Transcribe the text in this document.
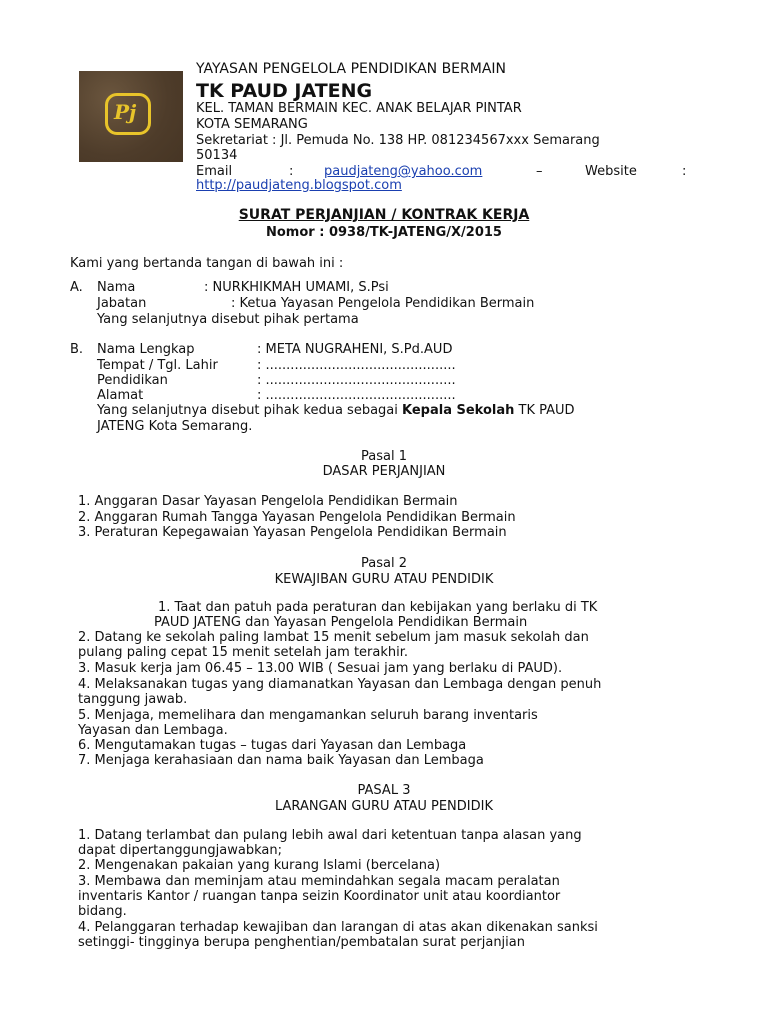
Pj
YAYASAN PENGELOLA PENDIDIKAN BERMAIN
TK PAUD JATENG
KEL. TAMAN BERMAIN KEC. ANAK BELAJAR PINTAR
KOTA SEMARANG
Sekretariat : Jl. Pemuda No. 138 HP. 081234567xxx Semarang
50134
Email	: paudjateng@yahoo.com	–	Website	:
http://paudjateng.blogspot.com
SURAT PERJANJIAN / KONTRAK KERJA
Nomor : 0938/TK-JATENG/X/2015
Kami yang bertanda tangan di bawah ini :
A. Nama	: NURKHIKMAH UMAMI, S.Psi
Jabatan	: Ketua Yayasan Pengelola Pendidikan Bermain
Yang selanjutnya disebut pihak pertama
B. Nama Lengkap	: META NUGRAHENI, S.Pd.AUD
Tempat / Tgl. Lahir	: ..............................................
Pendidikan	: ..............................................
Alamat	: ..............................................
Yang selanjutnya disebut pihak kedua sebagai Kepala Sekolah TK PAUD
JATENG Kota Semarang.
Pasal 1
DASAR PERJANJIAN
1. Anggaran Dasar Yayasan Pengelola Pendidikan Bermain
2. Anggaran Rumah Tangga Yayasan Pengelola Pendidikan Bermain
3. Peraturan Kepegawaian Yayasan Pengelola Pendidikan Bermain
Pasal 2
KEWAJIBAN GURU ATAU PENDIDIK
1. Taat dan patuh pada peraturan dan kebijakan yang berlaku di TK
PAUD JATENG dan Yayasan Pengelola Pendidikan Bermain
2. Datang ke sekolah paling lambat 15 menit sebelum jam masuk sekolah dan
pulang paling cepat 15 menit setelah jam terakhir.
3. Masuk kerja jam 06.45 – 13.00 WIB ( Sesuai jam yang berlaku di PAUD).
4. Melaksanakan tugas yang diamanatkan Yayasan dan Lembaga dengan penuh
tanggung jawab.
5. Menjaga, memelihara dan mengamankan seluruh barang inventaris
Yayasan dan Lembaga.
6. Mengutamakan tugas – tugas dari Yayasan dan Lembaga
7. Menjaga kerahasiaan dan nama baik Yayasan dan Lembaga
PASAL 3
LARANGAN GURU ATAU PENDIDIK
1. Datang terlambat dan pulang lebih awal dari ketentuan tanpa alasan yang
dapat dipertanggungjawabkan;
2. Mengenakan pakaian yang kurang Islami (bercelana)
3. Membawa dan meminjam atau memindahkan segala macam peralatan
inventaris Kantor / ruangan tanpa seizin Koordinator unit atau koordiantor
bidang.
4. Pelanggaran terhadap kewajiban dan larangan di atas akan dikenakan sanksi
setinggi- tingginya berupa penghentian/pembatalan surat perjanjian
